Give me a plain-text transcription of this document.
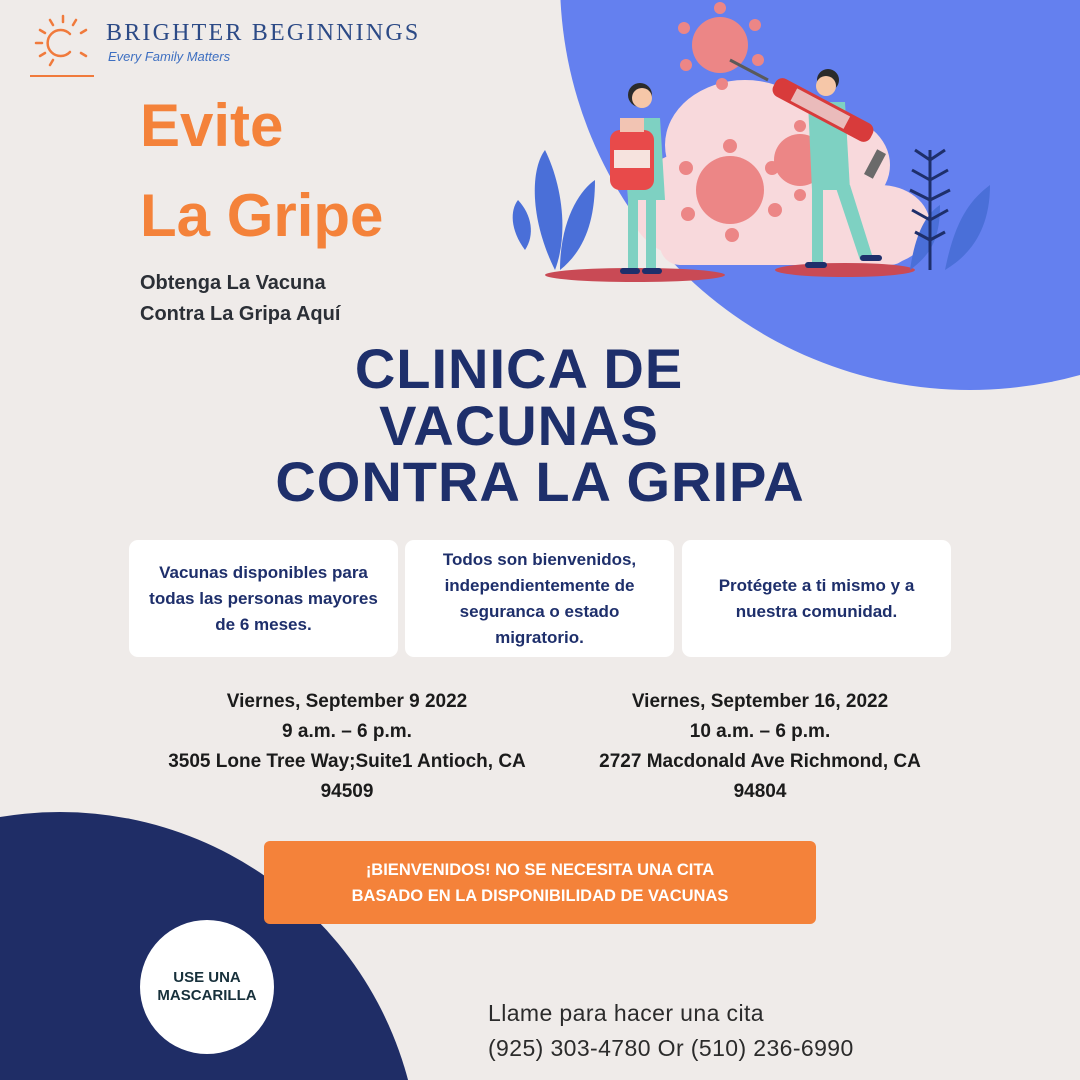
BRIGHTER BEGINNINGS
Every Family Matters
Evite
La Gripe
Obtenga La Vacuna
Contra La Gripa Aquí
CLINICA DE
VACUNAS
CONTRA LA GRIPA
Vacunas disponibles para todas las personas mayores de 6 meses.
Todos son bienvenidos, independientemente de seguranca o estado migratorio.
Protégete a ti mismo y a nuestra comunidad.
Viernes, September 9 2022
9 a.m. – 6 p.m.
3505 Lone Tree Way;Suite1 Antioch, CA
94509
Viernes, September 16, 2022
10 a.m. – 6 p.m.
2727 Macdonald Ave Richmond, CA
94804
¡BIENVENIDOS! NO SE NECESITA UNA CITA
BASADO EN LA DISPONIBILIDAD DE VACUNAS
USE UNA
MASCARILLA
Llame para hacer una cita
(925) 303-4780 Or (510) 236-6990
